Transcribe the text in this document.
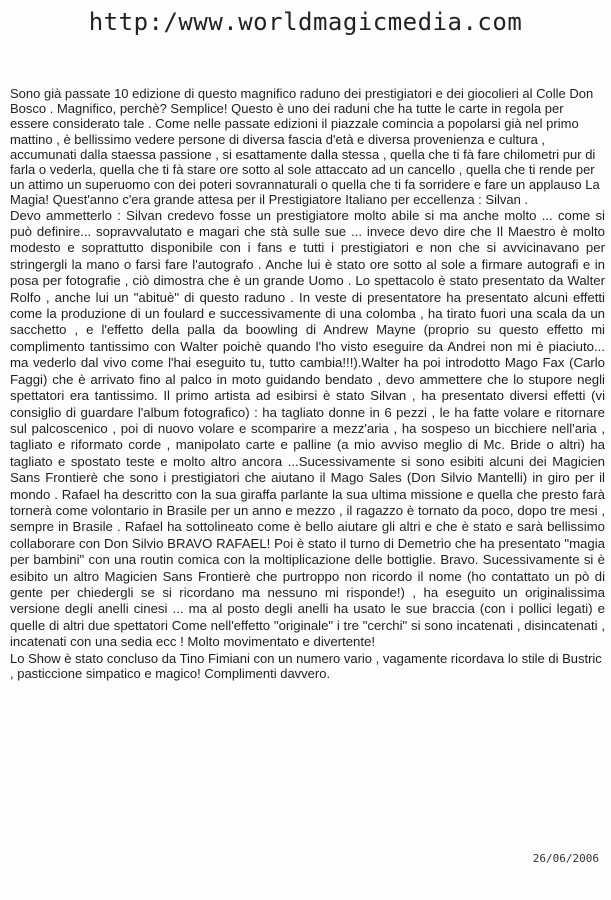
http:/www.worldmagicmedia.com

Sono già passate 10 edizione di questo magnifico raduno dei prestigiatori e dei giocolieri al Colle Don Bosco . Magnifico, perchè? Semplice! Questo è uno dei raduni che ha tutte le carte in regola per essere considerato tale . Come nelle passate edizioni il piazzale comincia a popolarsi già nel primo mattino , è bellissimo vedere persone di diversa fascia d'età e diversa provenienza e cultura , accumunati dalla staessa passione , si esattamente dalla stessa , quella che ti fà fare chilometri pur di farla o vederla, quella che ti fà stare ore sotto al sole attaccato ad un cancello , quella che ti rende per un attimo un superuomo con dei poteri sovrannaturali o quella che ti fa sorridere e fare un applauso La Magia! Quest'anno c'era grande attesa per il Prestigiatore Italiano per eccellenza : Silvan .

Devo ammetterlo : Silvan credevo fosse un prestigiatore molto abile si ma anche molto ... come si può definire... sopravvalutato e magari che stà sulle sue ... invece devo dire che Il Maestro è molto modesto e soprattutto disponibile con i fans e tutti i prestigiatori e non che si avvicinavano per stringergli la mano o farsi fare l'autografo . Anche lui è stato ore sotto al sole a firmare autografi e in posa per fotografie , ciò dimostra che è un grande Uomo . Lo spettacolo è stato presentato da Walter Rolfo , anche lui un "abituè" di questo raduno . In veste di presentatore ha presentato alcuni effetti come la produzione di un foulard e successivamente di una colomba , ha tirato fuori una scala da un sacchetto , e l'effetto della palla da boowling di Andrew Mayne (proprio su questo effetto mi complimento tantissimo con Walter poichè quando l'ho visto eseguire da Andrei non mi è piaciuto... ma vederlo dal vivo come l'hai eseguito tu, tutto cambia!!!).Walter ha poi introdotto Mago Fax (Carlo Faggi) che è arrivato fino al palco in moto guidando bendato , devo ammettere che lo stupore negli spettatori era tantissimo. Il primo artista ad esibirsi è stato Silvan , ha presentato diversi effetti (vi consiglio di guardare l'album fotografico) : ha tagliato donne in 6 pezzi , le ha fatte volare e ritornare sul palcoscenico , poi di nuovo volare e scomparire a mezz'aria , ha sospeso un bicchiere nell'aria , tagliato e riformato corde , manipolato carte e palline (a mio avviso meglio di Mc. Bride o altri) ha tagliato e spostato teste e molto altro ancora ...Sucessivamente si sono esibiti alcuni dei Magicien Sans Frontierè che sono i prestigiatori che aiutano il Mago Sales (Don Silvio Mantelli) in giro per il mondo . Rafael ha descritto con la sua giraffa parlante la sua ultima missione e quella che presto farà tornerà come volontario in Brasile per un anno e mezzo , il ragazzo è tornato da poco, dopo tre mesi , sempre in Brasile . Rafael ha sottolineato come è bello aiutare gli altri e che è stato e sarà bellissimo collaborare con Don Silvio BRAVO RAFAEL! Poi è stato il turno di Demetrio che ha presentato "magia per bambini" con una routin comica con la moltiplicazione delle bottiglie. Bravo. Sucessivamente si è esibito un altro Magicien Sans Frontierè che purtroppo non ricordo il nome (ho contattato un pò di gente per chiedergli se si ricordano ma nessuno mi risponde!) , ha eseguito un originalissima versione degli anelli cinesi ... ma al posto degli anelli ha usato le sue braccia (con i pollici legati) e quelle di altri due spettatori Come nell'effetto "originale" i tre "cerchi" si sono incatenati , disincatenati , incatenati con una sedia ecc ! Molto movimentato e divertente!

Lo Show è stato concluso da Tino Fimiani con un numero vario , vagamente ricordava lo stile di Bustric , pasticcione simpatico e magico! Complimenti davvero.

26/06/2006
